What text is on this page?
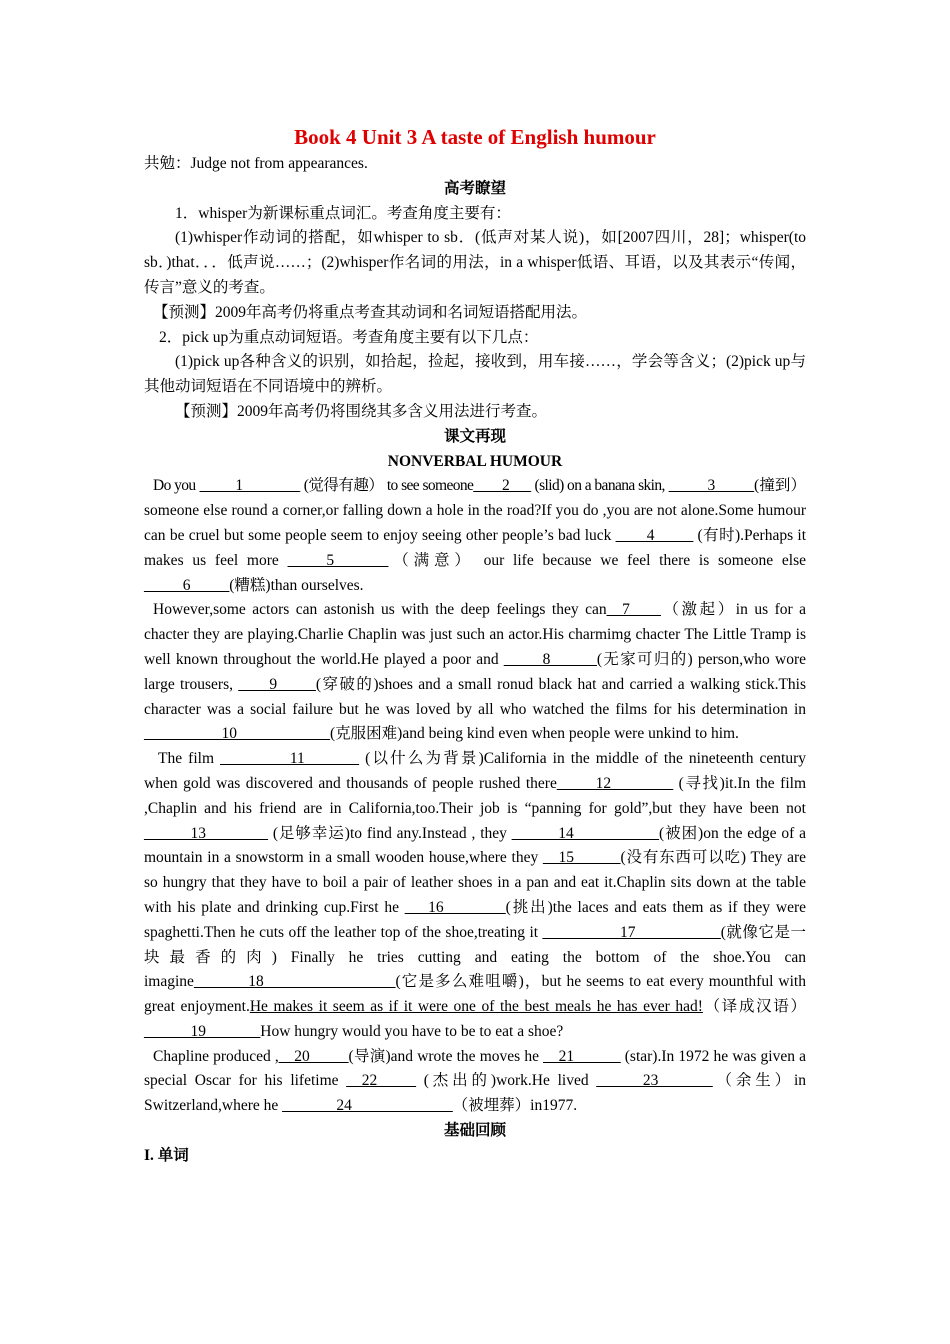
Book 4 Unit 3 A taste of English humour

共勉：Judge not from appearances.

高考瞭望

1．whisper为新课标重点词汇。考查角度主要有：

(1)whisper作动词的搭配，如whisper to sb．(低声对某人说)，如[2007四川，28]；whisper(to sb．)that．．．低声说……；(2)whisper作名词的用法，in a whisper低语、耳语，以及其表示“传闻，传言”意义的考查。

【预测】2009年高考仍将重点考查其动词和名词短语搭配用法。

2．pick up为重点动词短语。考查角度主要有以下几点：

(1)pick up各种含义的识别，如拾起，捡起，接收到，用车接……，学会等含义；(2)pick up与其他动词短语在不同语境中的辨析。

【预测】2009年高考仍将围绕其多含义用法进行考查。

课文再现

NONVERBAL HUMOUR

Do you _____1________ (觉得有趣） to see someone____2___ (slid) on a banana skin, _____3_____(撞到）someone else round a corner,or falling down a hole in the road?If you do ,you are not alone.Some humour can be cruel but some people seem to enjoy seeing other people’s bad luck ____4_____ (有时).Perhaps it makes us feel more _____5_______（满意） our life because we feel there is someone else _____6_____(糟糕)than ourselves.

However,some actors can astonish us with the deep feelings they can__7____（激起）in us for a chacter they are playing.Charlie Chaplin was just such an actor.His charmimg chacter The Little Tramp is well known throughout the world.He played a poor and _____8______(无家可归的) person,who wore large trousers, ____9_____(穿破的)shoes and a small ronud black hat and carried a walking stick.This character was a social failure but he was loved by all who watched the films for his determination in __________10____________(克服困难)and being kind even when people were unkind to him.

The film _________11_______ (以什么为背景)California in the middle of the nineteenth century when gold was discovered and thousands of people rushed there_____12________ (寻找)it.In the film ,Chaplin and his friend are in California,too.Their job is “panning for gold”,but they have been not ______13________ (足够幸运)to find any.Instead , they ______14___________(被困)on the edge of a mountain in a snowstorm in a small wooden house,where they __15______(没有东西可以吃) They are so hungry that they have to boil a pair of leather shoes in a pan and eat it.Chaplin sits down at the table with his plate and drinking cup.First he ___16________(挑出)the laces and eats them as if they were spaghetti.Then he cuts off the leather top of the shoe,treating it __________17___________(就像它是一块最香的肉) Finally he tries cutting and eating the bottom of the shoe.You can imagine_______18_________________(它是多么难咀嚼)，but he seems to eat every mounthful with great enjoyment.He makes it seem as if it were one of the best meals he has ever had!（译成汉语）______19_______How hungry would you have to be to eat a shoe?

Chapline produced ,__20_____(导演)and wrote the moves he __21______ (star).In 1972 he was given a special Oscar for his lifetime __22_____ (杰出的)work.He lived ______23_______（余生）in Switzerland,where he _______24_____________（被埋葬）in1977.

基础回顾

I. 单词
